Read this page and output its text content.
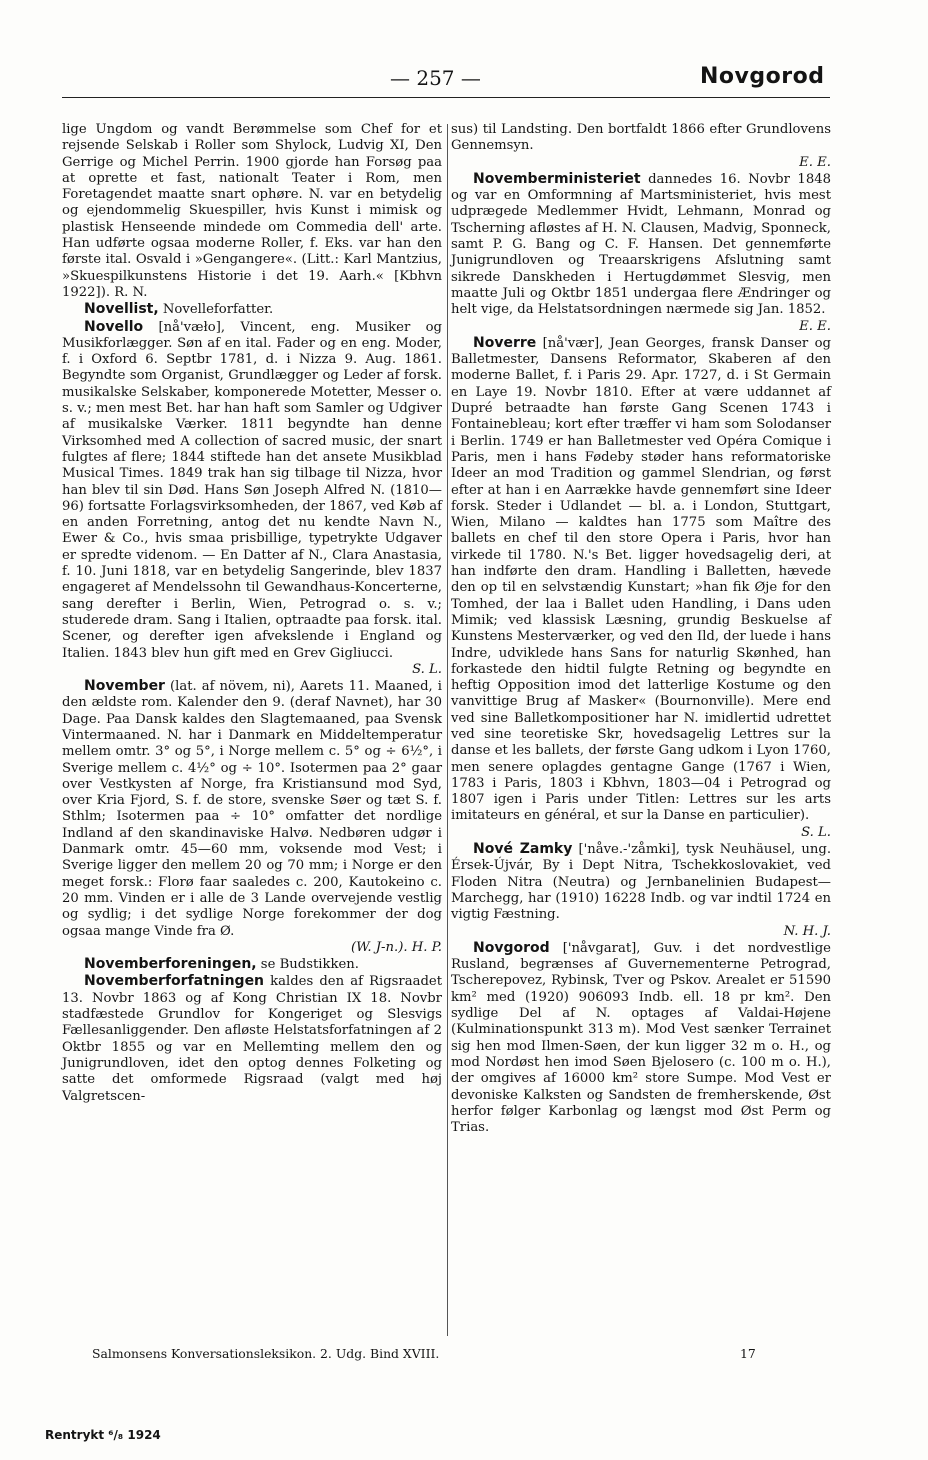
— 257 —	Novgorod

lige Ungdom og vandt Berømmelse som Chef for et rejsende Selskab i Roller som Shylock, Ludvig XI, Den Gerrige og Michel Perrin. 1900 gjorde han Forsøg paa at oprette et fast, nationalt Teater i Rom, men Foretagendet maatte snart ophøre. N. var en betydelig og ejendommelig Skuespiller, hvis Kunst i mimisk og plastisk Henseende mindede om Commedia dell' arte. Han udførte ogsaa moderne Roller, f. Eks. var han den første ital. Osvald i »Gengangere«. (Litt.: Karl Mantzius, »Skuespilkunstens Historie i det 19. Aarh.« [Kbhvn 1922]). R. N.

Novellist, Novelleforfatter.

Novello [nå'væło], Vincent, eng. Musiker og Musikforlægger. Søn af en ital. Fader og en eng. Moder, f. i Oxford 6. Septbr 1781, d. i Nizza 9. Aug. 1861. Begyndte som Organist, Grundlægger og Leder af forsk. musikalske Selskaber, komponerede Motetter, Messer o. s. v.; men mest Bet. har han haft som Samler og Udgiver af musikalske Værker. 1811 begyndte han denne Virksomhed med A collection of sacred music, der snart fulgtes af flere; 1844 stiftede han det ansete Musikblad Musical Times. 1849 trak han sig tilbage til Nizza, hvor han blev til sin Død. Hans Søn Joseph Alfred N. (1810—96) fortsatte Forlagsvirksomheden, der 1867, ved Køb af en anden Forretning, antog det nu kendte Navn N., Ewer & Co., hvis smaa prisbillige, typetrykte Udgaver er spredte videnom. — En Datter af N., Clara Anastasia, f. 10. Juni 1818, var en betydelig Sangerinde, blev 1837 engageret af Mendelssohn til Gewandhaus-Koncerterne, sang derefter i Berlin, Wien, Petrograd o. s. v.; studerede dram. Sang i Italien, optraadte paa forsk. ital. Scener, og derefter igen afvekslende i England og Italien. 1843 blev hun gift med en Grev Gigliucci.
S. L.

November (lat. af növem, ni), Aarets 11. Maaned, i den ældste rom. Kalender den 9. (deraf Navnet), har 30 Dage. Paa Dansk kaldes den Slagtemaaned, paa Svensk Vintermaaned. N. har i Danmark en Middeltemperatur mellem omtr. 3° og 5°, i Norge mellem c. 5° og ÷ 6½°, i Sverige mellem c. 4½° og ÷ 10°. Isotermen paa 2° gaar over Vestkysten af Norge, fra Kristiansund mod Syd, over Kria Fjord, S. f. de store, svenske Søer og tæt S. f. Sthlm; Isotermen paa ÷ 10° omfatter det nordlige Indland af den skandinaviske Halvø. Nedbøren udgør i Danmark omtr. 45—60 mm, voksende mod Vest; i Sverige ligger den mellem 20 og 70 mm; i Norge er den meget forsk.: Florø faar saaledes c. 200, Kautokeino c. 20 mm. Vinden er i alle de 3 Lande overvejende vestlig og sydlig; i det sydlige Norge forekommer der dog ogsaa mange Vinde fra Ø.
(W. J-n.). H. P.

Novemberforeningen, se Budstikken.

Novemberforfatningen kaldes den af Rigsraadet 13. Novbr 1863 og af Kong Christian IX 18. Novbr stadfæstede Grundlov for Kongeriget og Slesvigs Fællesanliggender. Den afløste Helstatsforfatningen af 2 Oktbr 1855 og var en Mellemting mellem den og Junigrundloven, idet den optog dennes Folketing og satte det omformede Rigsraad (valgt med høj Valgretscen-

sus) til Landsting. Den bortfaldt 1866 efter Grundlovens Gennemsyn.
E. E.

Novemberministeriet dannedes 16. Novbr 1848 og var en Omformning af Martsministeriet, hvis mest udprægede Medlemmer Hvidt, Lehmann, Monrad og Tscherning afløstes af H. N. Clausen, Madvig, Sponneck, samt P. G. Bang og C. F. Hansen. Det gennemførte Junigrundloven og Treaarskrigens Afslutning samt sikrede Danskheden i Hertugdømmet Slesvig, men maatte Juli og Oktbr 1851 undergaa flere Ændringer og helt vige, da Helstatsordningen nærmede sig Jan. 1852.
E. E.

Noverre [nå'vær], Jean Georges, fransk Danser og Balletmester, Dansens Reformator, Skaberen af den moderne Ballet, f. i Paris 29. Apr. 1727, d. i St Germain en Laye 19. Novbr 1810. Efter at være uddannet af Dupré betraadte han første Gang Scenen 1743 i Fontainebleau; kort efter træffer vi ham som Solodanser i Berlin. 1749 er han Balletmester ved Opéra Comique i Paris, men i hans Fødeby støder hans reformatoriske Ideer an mod Tradition og gammel Slendrian, og først efter at han i en Aarrække havde gennemført sine Ideer forsk. Steder i Udlandet — bl. a. i London, Stuttgart, Wien, Milano — kaldtes han 1775 som Maître des ballets en chef til den store Opera i Paris, hvor han virkede til 1780. N.'s Bet. ligger hovedsagelig deri, at han indførte den dram. Handling i Balletten, hævede den op til en selvstændig Kunstart; »han fik Øje for den Tomhed, der laa i Ballet uden Handling, i Dans uden Mimik; ved klassisk Læsning, grundig Beskuelse af Kunstens Mesterværker, og ved den Ild, der luede i hans Indre, udviklede hans Sans for naturlig Skønhed, han forkastede den hidtil fulgte Retning og begyndte en heftig Opposition imod det latterlige Kostume og den vanvittige Brug af Masker« (Bournonville). Mere end ved sine Balletkompositioner har N. imidlertid udrettet ved sine teoretiske Skr, hovedsagelig Lettres sur la danse et les ballets, der første Gang udkom i Lyon 1760, men senere oplagdes gentagne Gange (1767 i Wien, 1783 i Paris, 1803 i Kbhvn, 1803—04 i Petrograd og 1807 igen i Paris under Titlen: Lettres sur les arts imitateurs en général, et sur la Danse en particulier).
S. L.

Nové Zamky ['nåve.-'zåmki], tysk Neuhäusel, ung. Érsek-Újvár, By i Dept Nitra, Tschekkoslovakiet, ved Floden Nitra (Neutra) og Jernbanelinien Budapest—Marchegg, har (1910) 16228 Indb. og var indtil 1724 en vigtig Fæstning.
N. H. J.

Novgorod ['nåvgarat], Guv. i det nordvestlige Rusland, begrænses af Guvernementerne Petrograd, Tscherepovez, Rybinsk, Tver og Pskov. Arealet er 51590 km² med (1920) 906093 Indb. ell. 18 pr km². Den sydlige Del af N. optages af Valdai-Højene (Kulminationspunkt 313 m). Mod Vest sænker Terrainet sig hen mod Ilmen-Søen, der kun ligger 32 m o. H., og mod Nordøst hen imod Søen Bjelosero (c. 100 m o. H.), der omgives af 16000 km² store Sumpe. Mod Vest er devoniske Kalksten og Sandsten de fremherskende, Øst herfor følger Karbonlag og længst mod Øst Perm og Trias.

Salmonsens Konversationsleksikon. 2. Udg. Bind XVIII.	17
Rentrykt ⁶/₈ 1924
